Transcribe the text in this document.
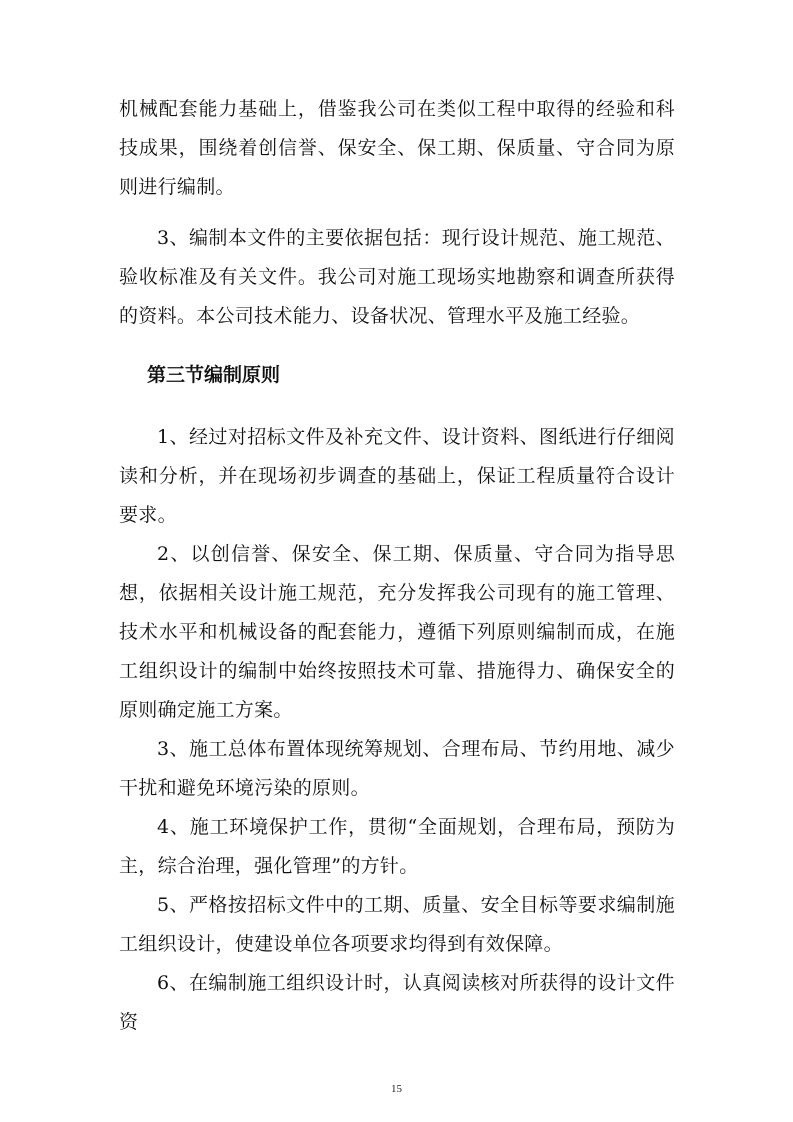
机械配套能力基础上，借鉴我公司在类似工程中取得的经验和科技成果，围绕着创信誉、保安全、保工期、保质量、守合同为原则进行编制。

3、编制本文件的主要依据包括：现行设计规范、施工规范、验收标准及有关文件。我公司对施工现场实地勘察和调查所获得的资料。本公司技术能力、设备状况、管理水平及施工经验。

第三节编制原则

1、经过对招标文件及补充文件、设计资料、图纸进行仔细阅读和分析，并在现场初步调查的基础上，保证工程质量符合设计要求。

2、以创信誉、保安全、保工期、保质量、守合同为指导思想，依据相关设计施工规范，充分发挥我公司现有的施工管理、技术水平和机械设备的配套能力，遵循下列原则编制而成，在施工组织设计的编制中始终按照技术可靠、措施得力、确保安全的原则确定施工方案。

3、施工总体布置体现统筹规划、合理布局、节约用地、减少干扰和避免环境污染的原则。

4、施工环境保护工作，贯彻“全面规划，合理布局，预防为主，综合治理，强化管理”的方针。

5、严格按招标文件中的工期、质量、安全目标等要求编制施工组织设计，使建设单位各项要求均得到有效保障。

6、在编制施工组织设计时，认真阅读核对所获得的设计文件资

15
